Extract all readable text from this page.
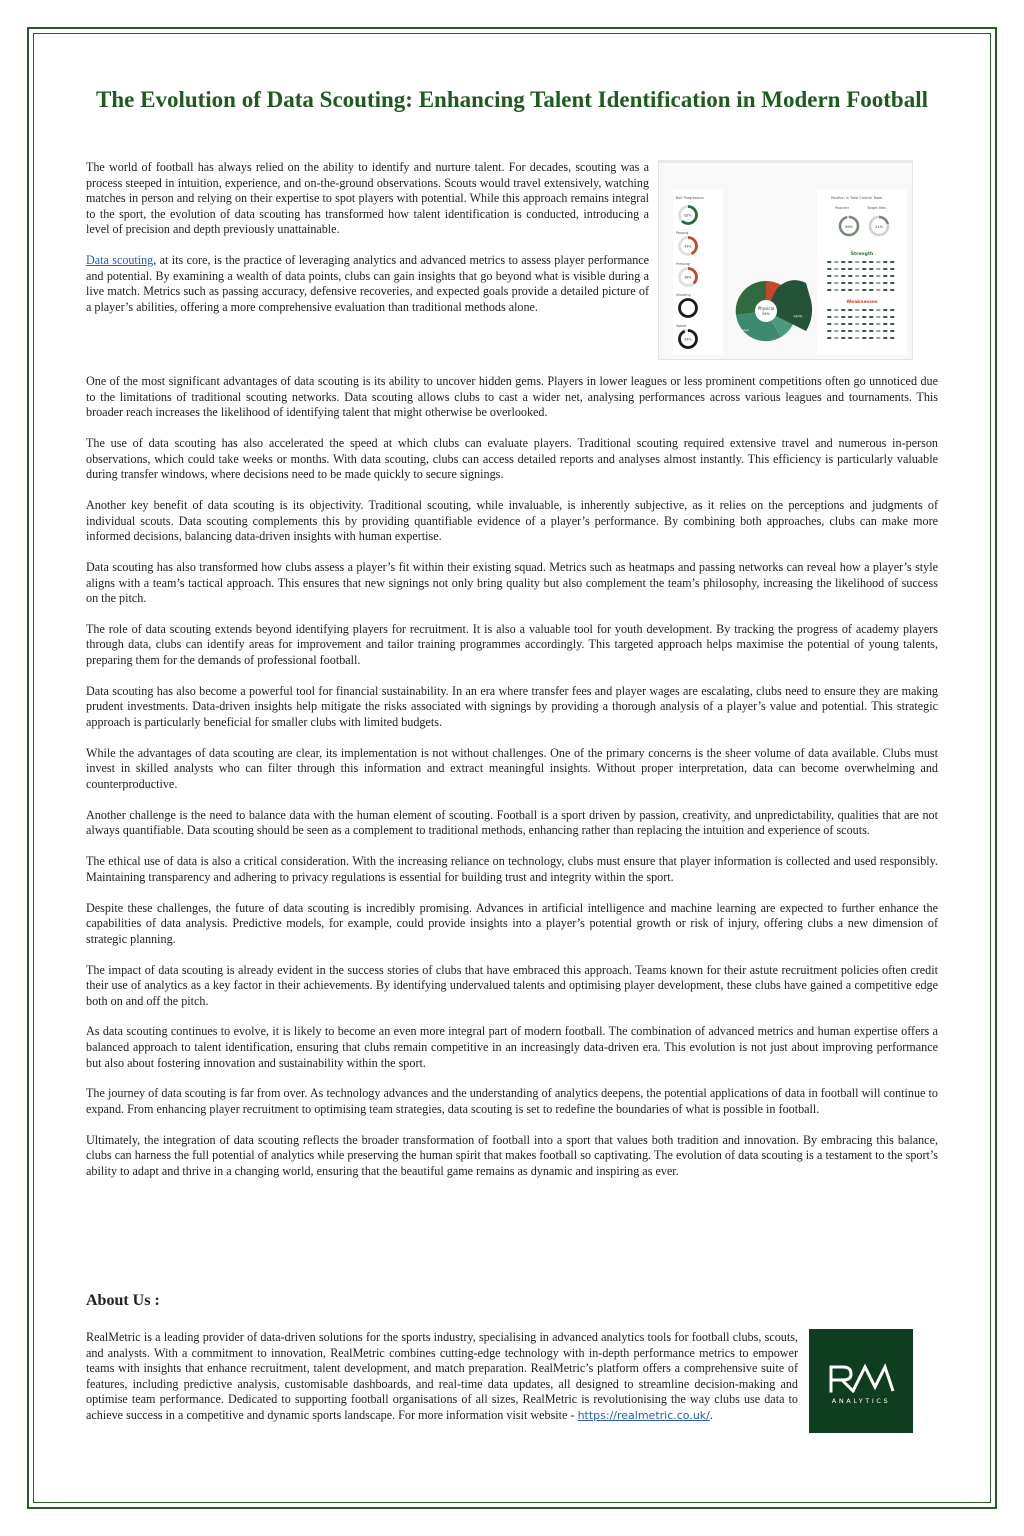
The Evolution of Data Scouting: Enhancing Talent Identification in Modern Football

The world of football has always relied on the ability to identify and nurture talent. For decades, scouting was a process steeped in intuition, experience, and on-the-ground observations. Scouts would travel extensively, watching matches in person and relying on their expertise to spot players with potential. While this approach remains integral to the sport, the evolution of data scouting has transformed how talent identification is conducted, introducing a level of precision and depth previously unattainable.

Data scouting, at its core, is the practice of leveraging analytics and advanced metrics to assess player performance and potential. By examining a wealth of data points, clubs can gain insights that go beyond what is visible during a live match. Metrics such as passing accuracy, defensive recoveries, and expected goals provide a detailed picture of a player’s abilities, offering a more comprehensive evaluation than traditional methods alone.

Ball Progression
62%
Passing
43%
Pressing
38%
Shooting
Speed
93%
Physical
56%
Speed
Agility
Position in Total Control Team
Poacher	Target Man
96%	21%
Strength
Weaknesses

One of the most significant advantages of data scouting is its ability to uncover hidden gems. Players in lower leagues or less prominent competitions often go unnoticed due to the limitations of traditional scouting networks. Data scouting allows clubs to cast a wider net, analysing performances across various leagues and tournaments. This broader reach increases the likelihood of identifying talent that might otherwise be overlooked.

The use of data scouting has also accelerated the speed at which clubs can evaluate players. Traditional scouting required extensive travel and numerous in-person observations, which could take weeks or months. With data scouting, clubs can access detailed reports and analyses almost instantly. This efficiency is particularly valuable during transfer windows, where decisions need to be made quickly to secure signings.

Another key benefit of data scouting is its objectivity. Traditional scouting, while invaluable, is inherently subjective, as it relies on the perceptions and judgments of individual scouts. Data scouting complements this by providing quantifiable evidence of a player’s performance. By combining both approaches, clubs can make more informed decisions, balancing data-driven insights with human expertise.

Data scouting has also transformed how clubs assess a player’s fit within their existing squad. Metrics such as heatmaps and passing networks can reveal how a player’s style aligns with a team’s tactical approach. This ensures that new signings not only bring quality but also complement the team’s philosophy, increasing the likelihood of success on the pitch.

The role of data scouting extends beyond identifying players for recruitment. It is also a valuable tool for youth development. By tracking the progress of academy players through data, clubs can identify areas for improvement and tailor training programmes accordingly. This targeted approach helps maximise the potential of young talents, preparing them for the demands of professional football.

Data scouting has also become a powerful tool for financial sustainability. In an era where transfer fees and player wages are escalating, clubs need to ensure they are making prudent investments. Data-driven insights help mitigate the risks associated with signings by providing a thorough analysis of a player’s value and potential. This strategic approach is particularly beneficial for smaller clubs with limited budgets.

While the advantages of data scouting are clear, its implementation is not without challenges. One of the primary concerns is the sheer volume of data available. Clubs must invest in skilled analysts who can filter through this information and extract meaningful insights. Without proper interpretation, data can become overwhelming and counterproductive.

Another challenge is the need to balance data with the human element of scouting. Football is a sport driven by passion, creativity, and unpredictability, qualities that are not always quantifiable. Data scouting should be seen as a complement to traditional methods, enhancing rather than replacing the intuition and experience of scouts.

The ethical use of data is also a critical consideration. With the increasing reliance on technology, clubs must ensure that player information is collected and used responsibly. Maintaining transparency and adhering to privacy regulations is essential for building trust and integrity within the sport.

Despite these challenges, the future of data scouting is incredibly promising. Advances in artificial intelligence and machine learning are expected to further enhance the capabilities of data analysis. Predictive models, for example, could provide insights into a player’s potential growth or risk of injury, offering clubs a new dimension of strategic planning.

The impact of data scouting is already evident in the success stories of clubs that have embraced this approach. Teams known for their astute recruitment policies often credit their use of analytics as a key factor in their achievements. By identifying undervalued talents and optimising player development, these clubs have gained a competitive edge both on and off the pitch.

As data scouting continues to evolve, it is likely to become an even more integral part of modern football. The combination of advanced metrics and human expertise offers a balanced approach to talent identification, ensuring that clubs remain competitive in an increasingly data-driven era. This evolution is not just about improving performance but also about fostering innovation and sustainability within the sport.

The journey of data scouting is far from over. As technology advances and the understanding of analytics deepens, the potential applications of data in football will continue to expand. From enhancing player recruitment to optimising team strategies, data scouting is set to redefine the boundaries of what is possible in football.

Ultimately, the integration of data scouting reflects the broader transformation of football into a sport that values both tradition and innovation. By embracing this balance, clubs can harness the full potential of analytics while preserving the human spirit that makes football so captivating. The evolution of data scouting is a testament to the sport’s ability to adapt and thrive in a changing world, ensuring that the beautiful game remains as dynamic and inspiring as ever.

About Us :

RealMetric is a leading provider of data-driven solutions for the sports industry, specialising in advanced analytics tools for football clubs, scouts, and analysts. With a commitment to innovation, RealMetric combines cutting-edge technology with in-depth performance metrics to empower teams with insights that enhance recruitment, talent development, and match preparation. RealMetric’s platform offers a comprehensive suite of features, including predictive analysis, customisable dashboards, and real-time data updates, all designed to streamline decision-making and optimise team performance. Dedicated to supporting football organisations of all sizes, RealMetric is revolutionising the way clubs use data to achieve success in a competitive and dynamic sports landscape. For more information visit website - https://realmetric.co.uk/.

ANALYTICS
